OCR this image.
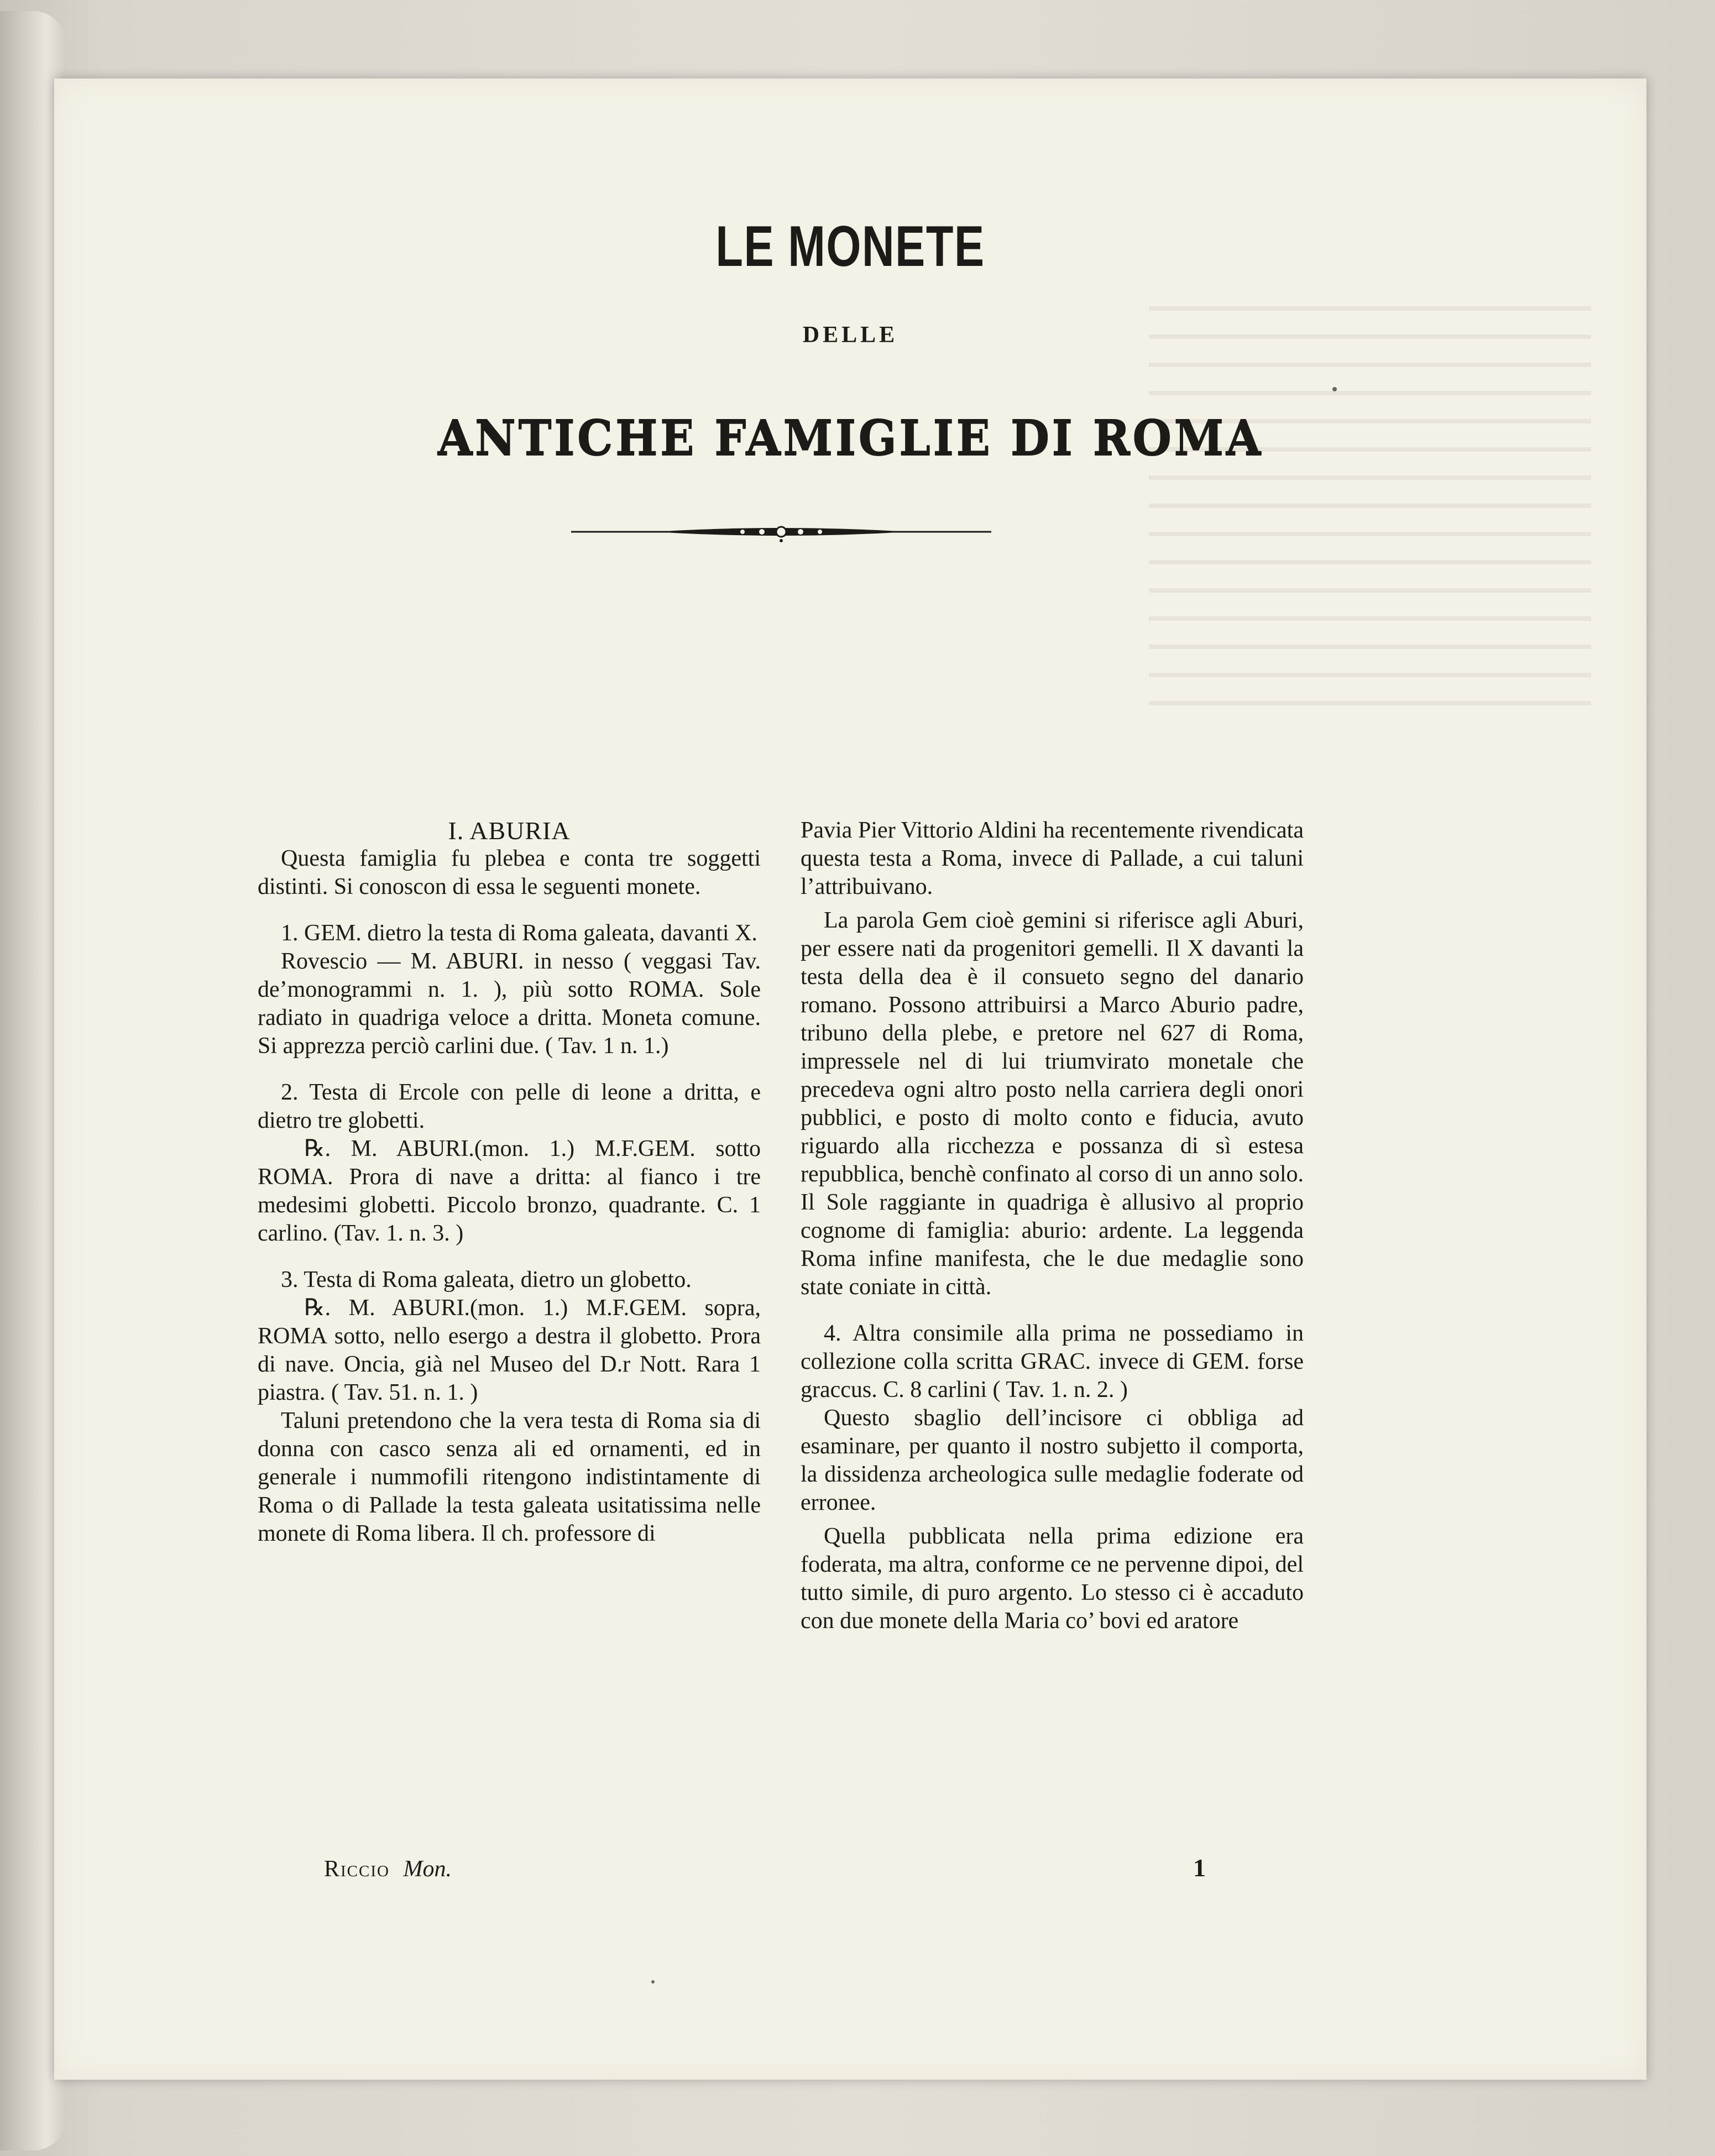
LE MONETE
DELLE
ANTICHE FAMIGLIE DI ROMA

I. ABURIA

Questa famiglia fu plebea e conta tre soggetti distinti. Si conoscon di essa le seguenti monete.

1. GEM. dietro la testa di Roma galeata, davanti X.

Rovescio — M. ABURI. in nesso ( veggasi Tav. de’monogrammi n. 1. ), più sotto ROMA. Sole radiato in quadriga veloce a dritta. Moneta comune. Si apprezza perciò carlini due. ( Tav. 1 n. 1.)

2. Testa di Ercole con pelle di leone a dritta, e dietro tre globetti.

℞. M. ABURI.(mon. 1.) M.F.GEM. sotto ROMA. Prora di nave a dritta: al fianco i tre medesimi globetti. Piccolo bronzo, quadrante. C. 1 carlino. (Tav. 1. n. 3. )

3. Testa di Roma galeata, dietro un globetto.

℞. M. ABURI.(mon. 1.) M.F.GEM. sopra, ROMA sotto, nello esergo a destra il globetto. Prora di nave. Oncia, già nel Museo del D.r Nott. Rara 1 piastra. ( Tav. 51. n. 1. )

Taluni pretendono che la vera testa di Roma sia di donna con casco senza ali ed ornamenti, ed in generale i nummofili ritengono indistintamente di Roma o di Pallade la testa galeata usitatissima nelle monete di Roma libera. Il ch. professore di

Pavia Pier Vittorio Aldini ha recentemente rivendicata questa testa a Roma, invece di Pallade, a cui taluni l’attribuivano.

La parola Gem cioè gemini si riferisce agli Aburi, per essere nati da progenitori gemelli. Il X davanti la testa della dea è il consueto segno del danario romano. Possono attribuirsi a Marco Aburio padre, tribuno della plebe, e pretore nel 627 di Roma, impressele nel di lui triumvirato monetale che precedeva ogni altro posto nella carriera degli onori pubblici, e posto di molto conto e fiducia, avuto riguardo alla ricchezza e possanza di sì estesa repubblica, benchè confinato al corso di un anno solo. Il Sole raggiante in quadriga è allusivo al proprio cognome di famiglia: aburio: ardente. La leggenda Roma infine manifesta, che le due medaglie sono state coniate in città.

4. Altra consimile alla prima ne possediamo in collezione colla scritta GRAC. invece di GEM. forse graccus. C. 8 carlini ( Tav. 1. n. 2. )

Questo sbaglio dell’incisore ci obbliga ad esaminare, per quanto il nostro subjetto il comporta, la dissidenza archeologica sulle medaglie foderate od erronee.

Quella pubblicata nella prima edizione era foderata, ma altra, conforme ce ne pervenne dipoi, del tutto simile, di puro argento. Lo stesso ci è accaduto con due monete della Maria co’ bovi ed aratore

Riccio Mon.	1
